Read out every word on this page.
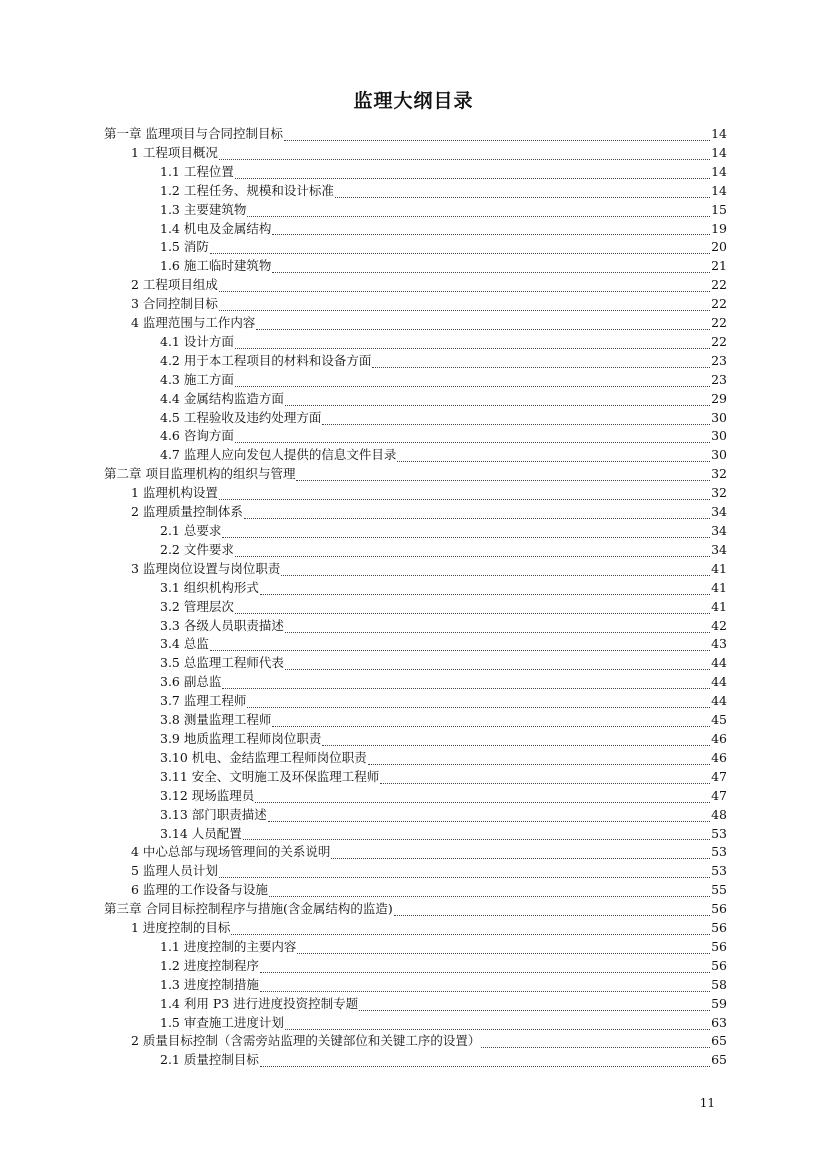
监理大纲目录
第一章 监理项目与合同控制目标	14
1 工程项目概况	14
1.1 工程位置	14
1.2 工程任务、规模和设计标准	14
1.3 主要建筑物	15
1.4 机电及金属结构	19
1.5 消防	20
1.6 施工临时建筑物	21
2 工程项目组成	22
3 合同控制目标	22
4 监理范围与工作内容	22
4.1 设计方面	22
4.2 用于本工程项目的材料和设备方面	23
4.3 施工方面	23
4.4 金属结构监造方面	29
4.5 工程验收及违约处理方面	30
4.6 咨询方面	30
4.7 监理人应向发包人提供的信息文件目录	30
第二章 项目监理机构的组织与管理	32
1 监理机构设置	32
2 监理质量控制体系	34
2.1 总要求	34
2.2 文件要求	34
3 监理岗位设置与岗位职责	41
3.1 组织机构形式	41
3.2 管理层次	41
3.3 各级人员职责描述	42
3.4 总监	43
3.5 总监理工程师代表	44
3.6 副总监	44
3.7 监理工程师	44
3.8 测量监理工程师	45
3.9 地质监理工程师岗位职责	46
3.10 机电、金结监理工程师岗位职责	46
3.11 安全、文明施工及环保监理工程师	47
3.12 现场监理员	47
3.13 部门职责描述	48
3.14 人员配置	53
4 中心总部与现场管理间的关系说明	53
5 监理人员计划	53
6 监理的工作设备与设施	55
第三章 合同目标控制程序与措施(含金属结构的监造)	56
1 进度控制的目标	56
1.1 进度控制的主要内容	56
1.2 进度控制程序	56
1.3 进度控制措施	58
1.4 利用 P3 进行进度投资控制专题	59
1.5 审查施工进度计划	63
2 质量目标控制（含需旁站监理的关键部位和关键工序的设置）	65
2.1 质量控制目标	65
11
